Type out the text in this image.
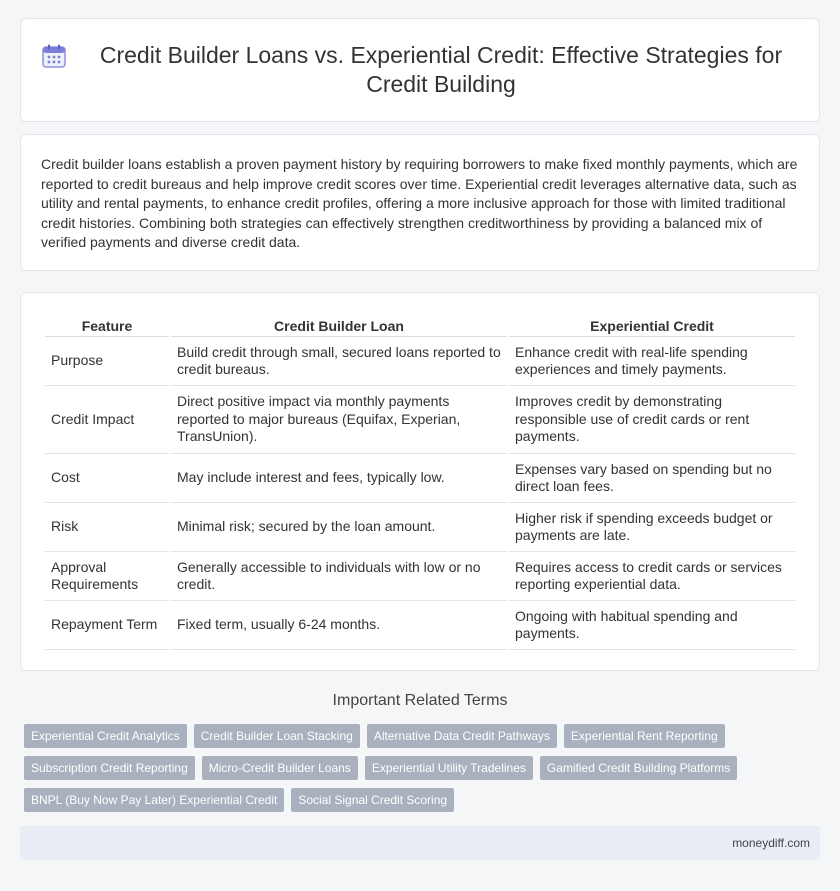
Credit Builder Loans vs. Experiential Credit: Effective Strategies for Credit Building

Credit builder loans establish a proven payment history by requiring borrowers to make fixed monthly payments, which are reported to credit bureaus and help improve credit scores over time. Experiential credit leverages alternative data, such as utility and rental payments, to enhance credit profiles, offering a more inclusive approach for those with limited traditional credit histories. Combining both strategies can effectively strengthen creditworthiness by providing a balanced mix of verified payments and diverse credit data.

Feature	Credit Builder Loan	Experiential Credit
Purpose	Build credit through small, secured loans reported to credit bureaus.	Enhance credit with real-life spending experiences and timely payments.
Credit Impact	Direct positive impact via monthly payments reported to major bureaus (Equifax, Experian, TransUnion).	Improves credit by demonstrating responsible use of credit cards or rent payments.
Cost	May include interest and fees, typically low.	Expenses vary based on spending but no direct loan fees.
Risk	Minimal risk; secured by the loan amount.	Higher risk if spending exceeds budget or payments are late.
Approval Requirements	Generally accessible to individuals with low or no credit.	Requires access to credit cards or services reporting experiential data.
Repayment Term	Fixed term, usually 6-24 months.	Ongoing with habitual spending and payments.
Important Related Terms
Experiential Credit Analytics	Credit Builder Loan Stacking	Alternative Data Credit Pathways	Experiential Rent Reporting
Subscription Credit Reporting	Micro-Credit Builder Loans	Experiential Utility Tradelines	Gamified Credit Building Platforms
BNPL (Buy Now Pay Later) Experiential Credit	Social Signal Credit Scoring
moneydiff.com
